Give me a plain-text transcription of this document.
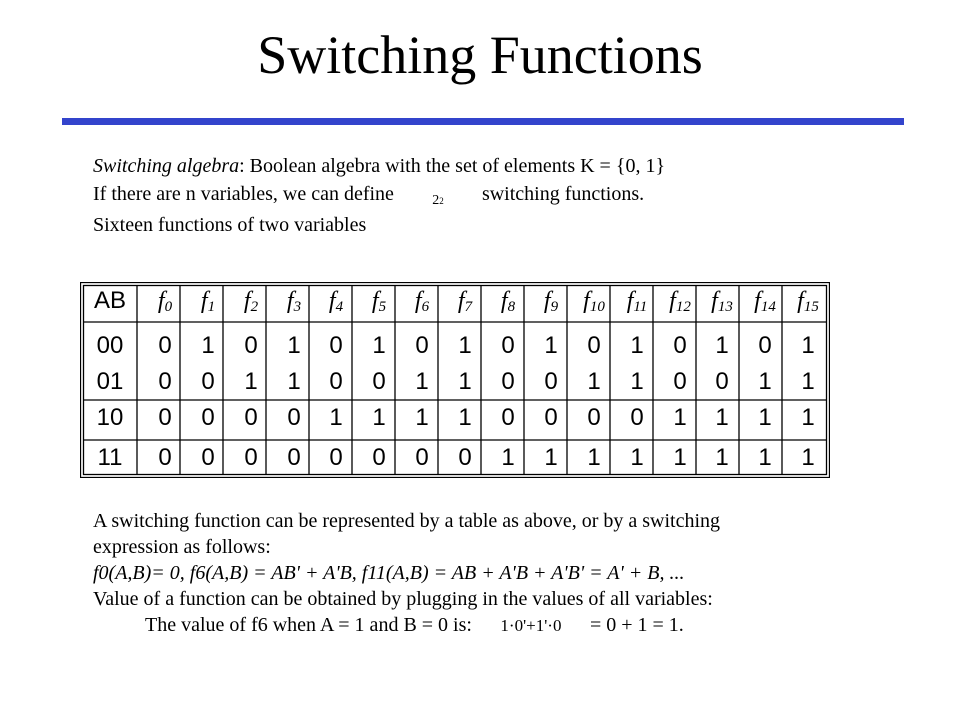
Switching Functions
Switching algebra: Boolean algebra with the set of elements K = {0, 1}
If there are n variables, we can define	$2^2$ switching functions.
Sixteen functions of two variables
AB	$f_0$	$f_1$	$f_2$	$f_3$	$f_4$	$f_5$	$f_6$	$f_7$	$f_8$	$f_9$	$f_{10}$ $f_{11}$ $f_{12}$ $f_{13}$ $f_{14}$ $f_{15}$
00	0	1	0	1	0	1	0	1	0	1	0	1	0	1	0	1
01	0	0	1	1	0	0	1	1	0	0	1	1	0	0	1	1
10	0	0	0	0	1	1	1	1	0	0	0	0	1	1	1	1
11	0	0	0	0	0	0	0	0	1	1	1	1	1	1	1	1
A switching function can be represented by a table as above, or by a switching
expression as follows:
f0(A,B)= 0, f6(A,B) = AB' + A'B, f11(A,B) = AB + A'B + A'B' = A' + B, ...
Value of a function can be obtained by plugging in the values of all variables:
The value of f6 when A = 1 and B = 0 is: 1·0'+1'·0 = 0 + 1 = 1.
